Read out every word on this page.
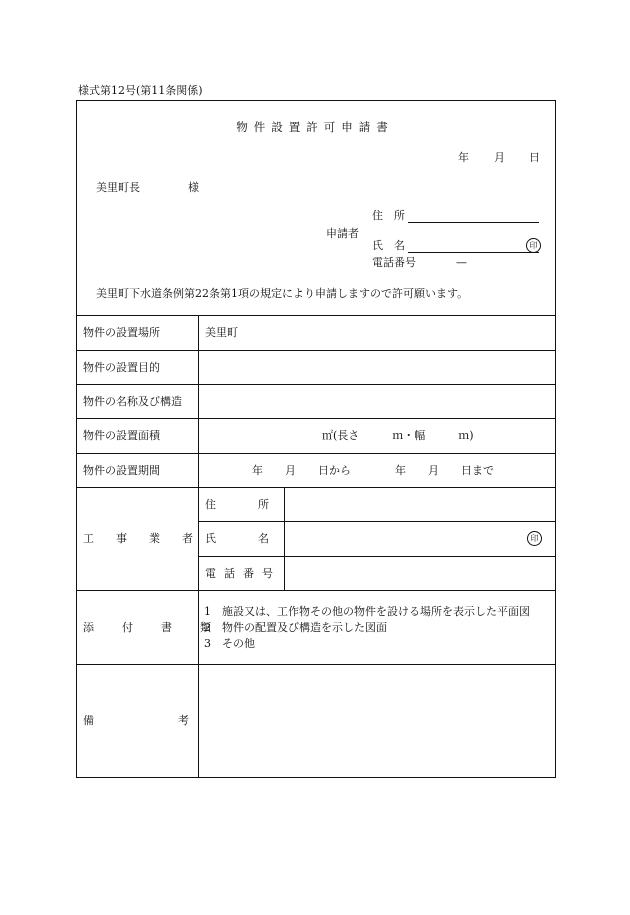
様式第12号(第11条関係)
物件設置許可申請書
年 月 日
美里町長	様
申請者
住　所
氏　名	印
電話番号	—
美里町下水道条例第22条第1項の規定により申請しますので許可願います。
物件の設置場所	美里町
物件の設置目的
物件の名称及び構造
物件の設置面積	㎡(長さ　　　ｍ・幅　　　ｍ)
物件の設置期間	年　　月　　日から　　　　年　　月　　日まで
工事業者
住所
氏名	印
電話番号
添付書類
1　施設又は、工作物その他の物件を設ける場所を表示した平面図
2　物件の配置及び構造を示した図面
3　その他
備考
